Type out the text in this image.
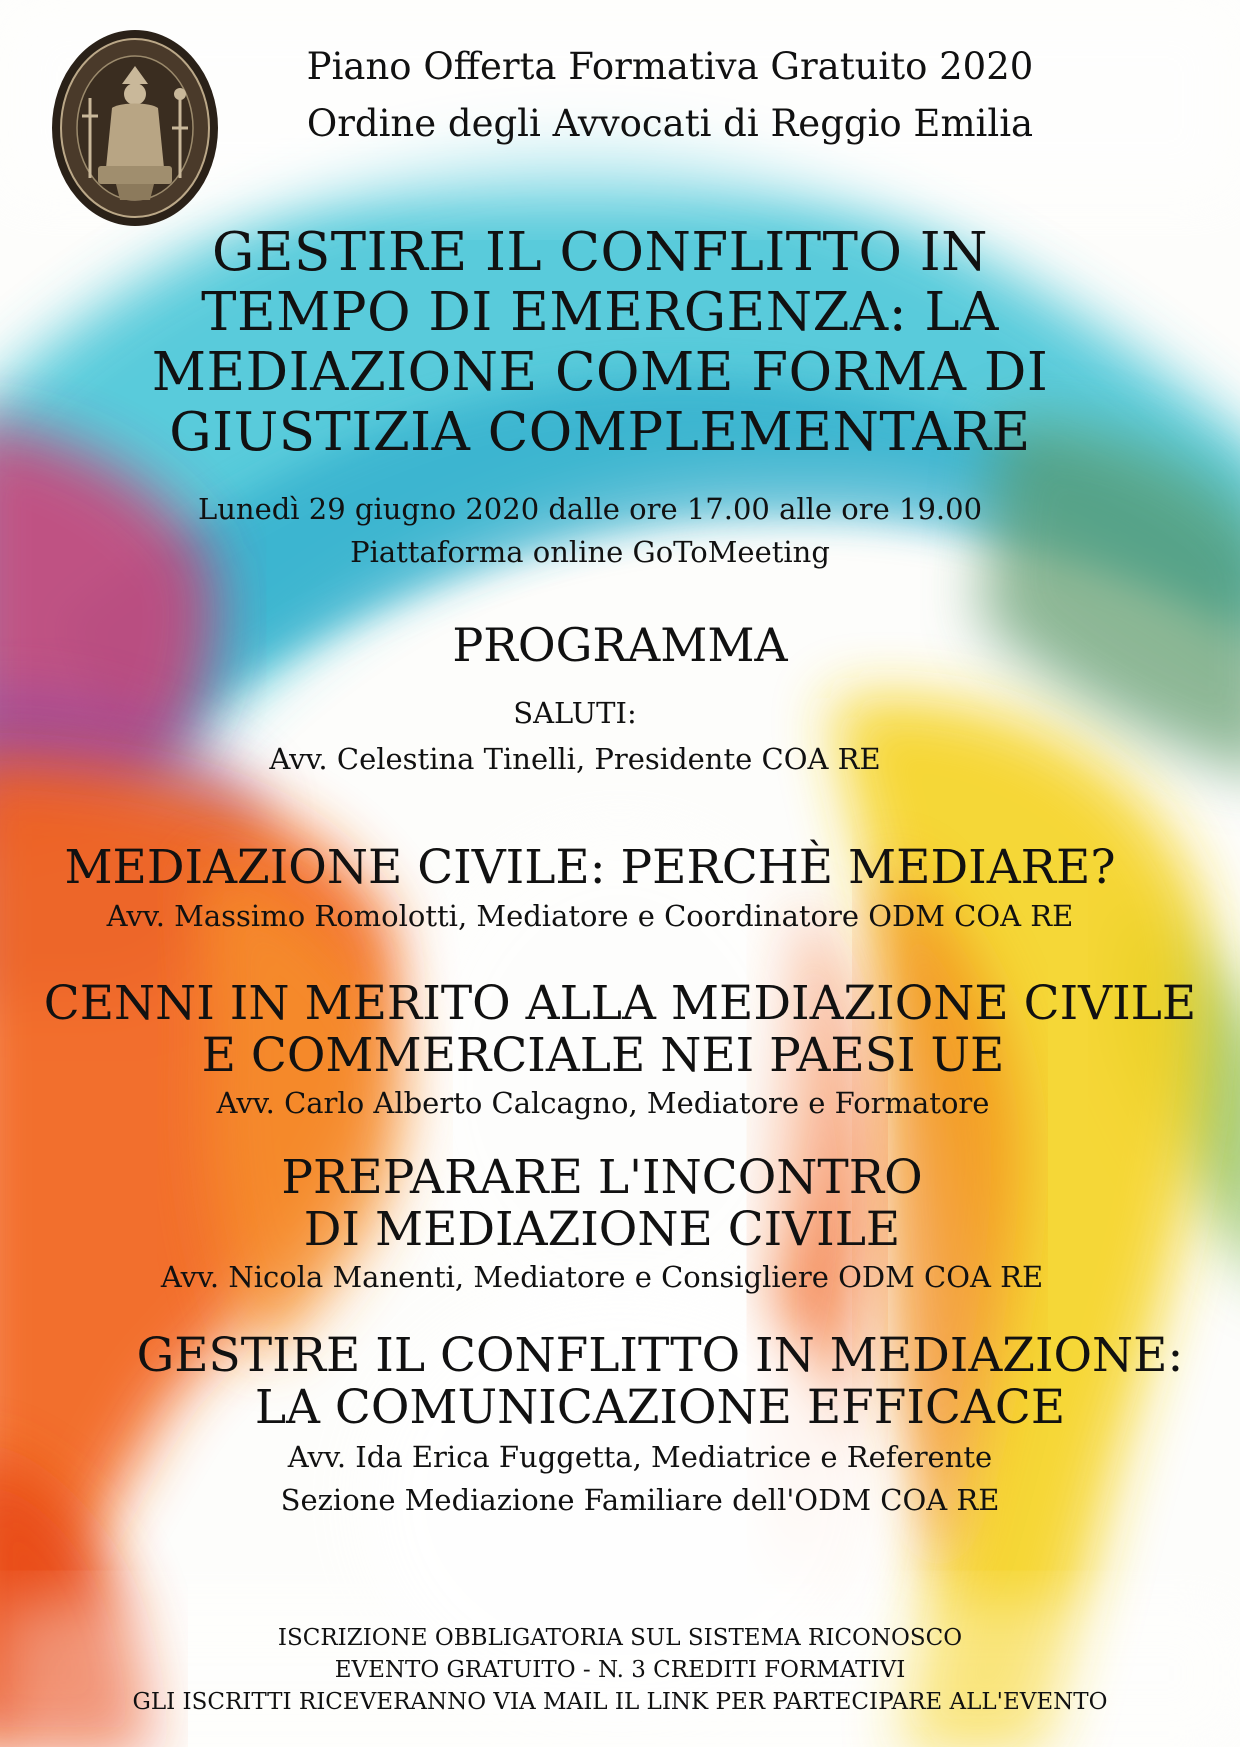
Piano Offerta Formativa Gratuito 2020
Ordine degli Avvocati di Reggio Emilia
GESTIRE IL CONFLITTO IN
TEMPO DI EMERGENZA: LA
MEDIAZIONE COME FORMA DI
GIUSTIZIA COMPLEMENTARE
Lunedì 29 giugno 2020 dalle ore 17.00 alle ore 19.00
Piattaforma online GoToMeeting
PROGRAMMA
SALUTI:
Avv. Celestina Tinelli, Presidente COA RE
MEDIAZIONE CIVILE: PERCHÈ MEDIARE?
Avv. Massimo Romolotti, Mediatore e Coordinatore ODM COA RE
CENNI IN MERITO ALLA MEDIAZIONE CIVILE
E COMMERCIALE NEI PAESI UE
Avv. Carlo Alberto Calcagno, Mediatore e Formatore
PREPARARE L'INCONTRO
DI MEDIAZIONE CIVILE
Avv. Nicola Manenti, Mediatore e Consigliere ODM COA RE
GESTIRE IL CONFLITTO IN MEDIAZIONE:
LA COMUNICAZIONE EFFICACE
Avv. Ida Erica Fuggetta, Mediatrice e Referente
Sezione Mediazione Familiare dell'ODM COA RE
ISCRIZIONE OBBLIGATORIA SUL SISTEMA RICONOSCO
EVENTO GRATUITO - N. 3 CREDITI FORMATIVI
GLI ISCRITTI RICEVERANNO VIA MAIL IL LINK PER PARTECIPARE ALL'EVENTO
